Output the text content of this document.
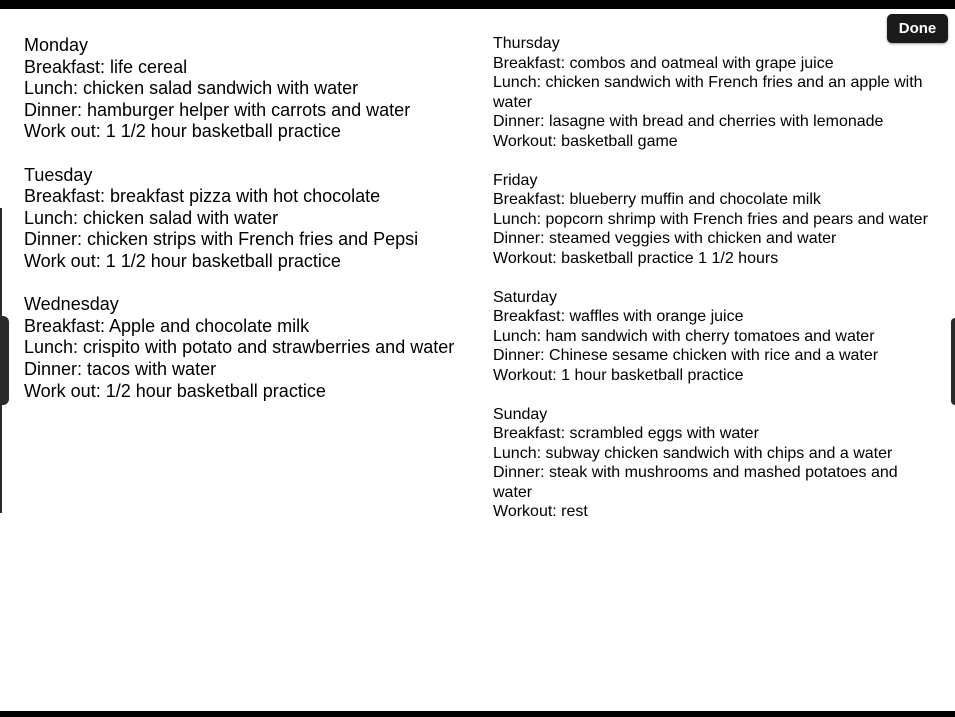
Done
Monday
Breakfast: life cereal
Lunch: chicken salad sandwich with water
Dinner: hamburger helper with carrots and water
Work out: 1 1/2 hour basketball practice
Tuesday
Breakfast: breakfast pizza with hot chocolate
Lunch: chicken salad with water
Dinner: chicken strips with French fries and Pepsi
Work out: 1 1/2 hour basketball practice
Wednesday
Breakfast: Apple and chocolate milk
Lunch: crispito with potato and strawberries and water
Dinner: tacos with water
Work out: 1/2 hour basketball practice
Thursday
Breakfast: combos and oatmeal with grape juice
Lunch: chicken sandwich with French fries and an apple with water
Dinner: lasagne with bread and cherries with lemonade
Workout: basketball game
Friday
Breakfast: blueberry muffin and chocolate milk
Lunch: popcorn shrimp with French fries and pears and water
Dinner: steamed veggies with chicken and water
Workout: basketball practice 1 1/2 hours
Saturday
Breakfast: waffles with orange juice
Lunch: ham sandwich with cherry tomatoes and water
Dinner: Chinese sesame chicken with rice and a water
Workout: 1 hour basketball practice
Sunday
Breakfast: scrambled eggs with water
Lunch: subway chicken sandwich with chips and a water
Dinner: steak with mushrooms and mashed potatoes and water
Workout: rest
